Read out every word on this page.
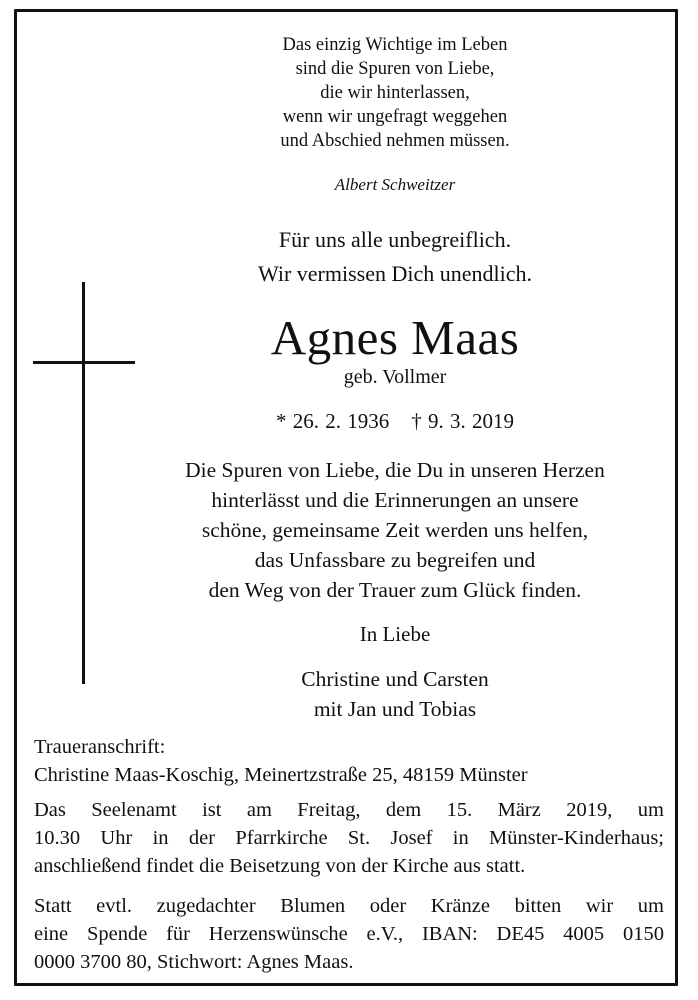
Das einzig Wichtige im Leben
sind die Spuren von Liebe,
die wir hinterlassen,
wenn wir ungefragt weggehen
und Abschied nehmen müssen.
Albert Schweitzer
Für uns alle unbegreiflich.
Wir vermissen Dich unendlich.
Agnes Maas
geb. Vollmer
* 26. 2. 1936 † 9. 3. 2019
Die Spuren von Liebe, die Du in unseren Herzen
hinterlässt und die Erinnerungen an unsere
schöne, gemeinsame Zeit werden uns helfen,
das Unfassbare zu begreifen und
den Weg von der Trauer zum Glück finden.
In Liebe
Christine und Carsten
mit Jan und Tobias
Traueranschrift:
Christine Maas-Koschig, Meinertzstraße 25, 48159 Münster
Das Seelenamt ist am Freitag, dem 15. März 2019, um
10.30 Uhr in der Pfarrkirche St. Josef in Münster-Kinderhaus;
anschließend findet die Beisetzung von der Kirche aus statt.
Statt evtl. zugedachter Blumen oder Kränze bitten wir um
eine Spende für Herzenswünsche e.V., IBAN: DE45 4005 0150
0000 3700 80, Stichwort: Agnes Maas.
